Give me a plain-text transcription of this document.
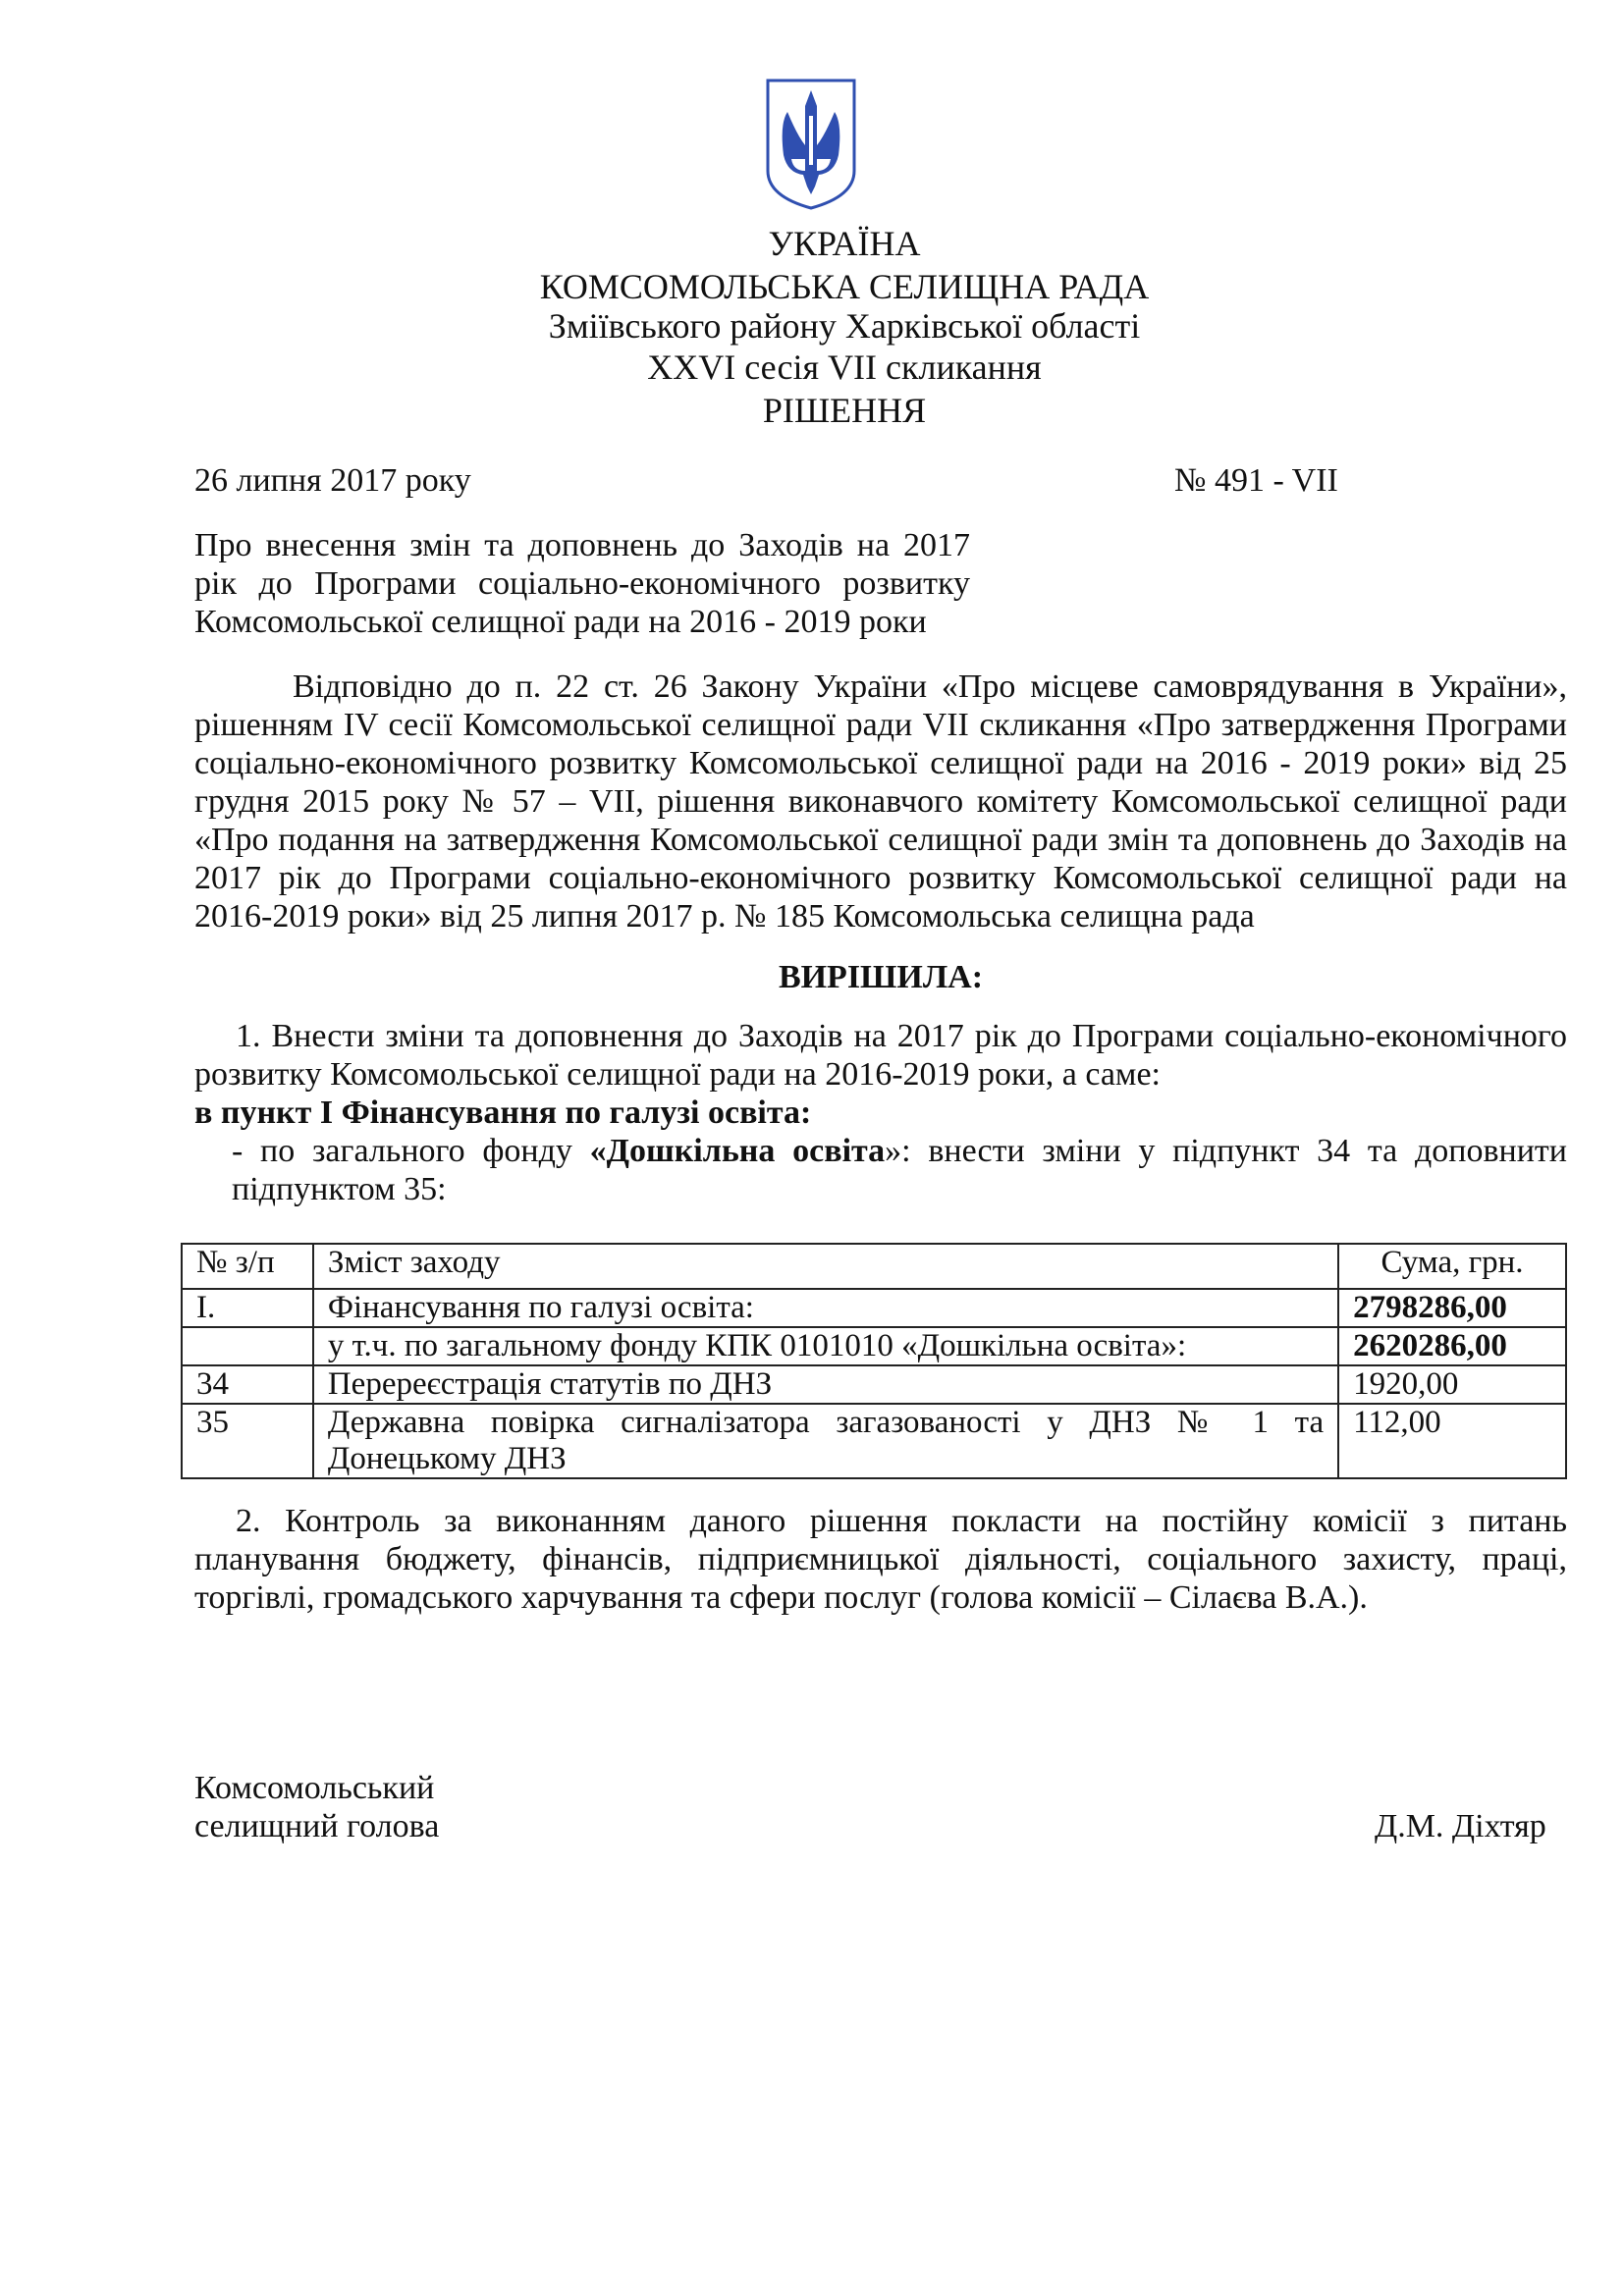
УКРАЇНА
КОМСОМОЛЬСЬКА СЕЛИЩНА РАДА
Зміївського району Харківської області
XXVI сесія VII скликання
РІШЕННЯ
26 липня 2017 року	№ 491 - VII
Про внесення змін та доповнень до Заходів на 2017
рік до Програми соціально-економічного розвитку
Комсомольської селищної ради на 2016 - 2019 роки
Відповідно до п. 22 ст. 26 Закону України «Про місцеве самоврядування в України»,
рішенням IV сесії Комсомольської селищної ради VII скликання «Про затвердження Програми
соціально-економічного розвитку Комсомольської селищної ради на 2016 - 2019 роки» від 25
грудня 2015 року № 57 – VII, рішення виконавчого комітету Комсомольської селищної ради
«Про подання на затвердження Комсомольської селищної ради змін та доповнень до Заходів на
2017 рік до Програми соціально-економічного розвитку Комсомольської селищної ради на
2016-2019 роки» від 25 липня 2017 р. № 185 Комсомольська селищна рада
ВИРІШИЛА:
1. Внести зміни та доповнення до Заходів на 2017 рік до Програми соціально-економічного
розвитку Комсомольської селищної ради на 2016-2019 роки, а саме:
в пункт І Фінансування по галузі освіта:
- по загального фонду «Дошкільна освіта»: внести зміни у підпункт 34 та доповнити
підпунктом 35:
№ з/п	Зміст заходу	Сума, грн.
І.	Фінансування по галузі освіта:	2798286,00
	у т.ч. по загальному фонду КПК 0101010 «Дошкільна освіта»:	2620286,00
34	Перереєстрація статутів по ДНЗ	1920,00
35	Державна повірка сигналізатора загазованості у ДНЗ № 1 та
Донецькому ДНЗ	112,00
2. Контроль за виконанням даного рішення покласти на постійну комісії з питань
планування бюджету, фінансів, підприємницької діяльності, соціального захисту, праці,
торгівлі, громадського харчування та сфери послуг (голова комісії – Сілаєва В.А.).
Комсомольський
селищний голова	Д.М. Діхтяр
